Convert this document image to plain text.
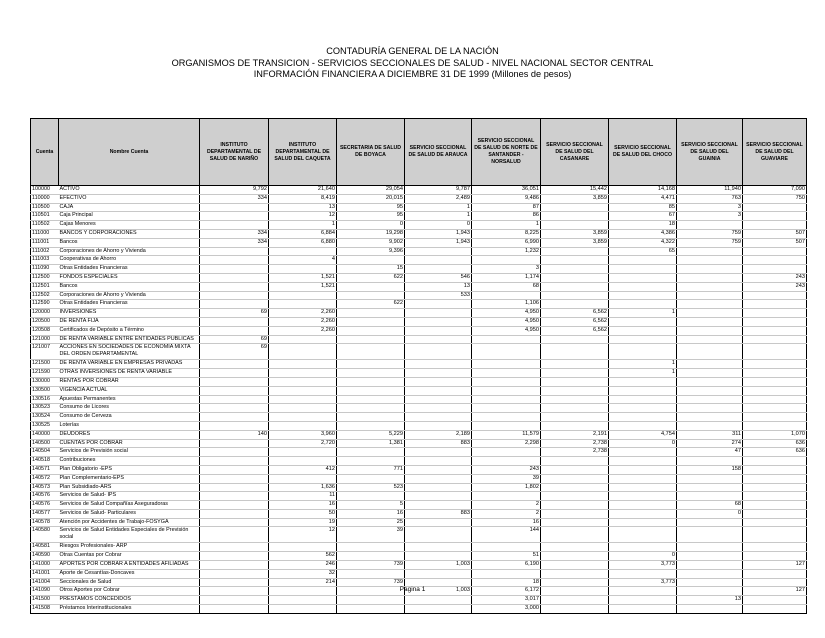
CONTADURÍA GENERAL DE LA NACIÓN
ORGANISMOS DE TRANSICION - SERVICIOS SECCIONALES DE SALUD - NIVEL NACIONAL SECTOR CENTRAL
INFORMACIÓN FINANCIERA A DICIEMBRE 31 DE 1999 (Millones de pesos)
Cuenta	Nombre Cuenta	INSTITUTO DEPARTAMENTAL DE SALUD DE NARIÑO	INSTITUTO DEPARTAMENTAL DE SALUD DEL CAQUETA	SECRETARIA DE SALUD DE BOYACA	SERVICIO SECCIONAL DE SALUD DE ARAUCA	SERVICIO SECCIONAL DE SALUD DE NORTE DE SANTANDER - NORSALUD	SERVICIO SECCIONAL DE SALUD DEL CASANARE	SERVICIO SECCIONAL DE SALUD DEL CHOCO	SERVICIO SECCIONAL DE SALUD DEL GUAINIA	SERVICIO SECCIONAL DE SALUD DEL GUAVIARE
100000	ACTIVO	9,792	21,640	29,054	9,787	36,051	15,442	14,168	11,940	7,090
110000	EFECTIVO	334	8,419	20,015	2,489	9,486	3,859	4,471	763	750
110500	CAJA		13	95	1	87		85	3	
110501	Caja Principal		12	95	1	86		67	3	
110502	Cajas Menores		1	0	0	1		18		
111000	BANCOS Y CORPORACIONES	334	6,884	19,298	1,943	8,225	3,859	4,386	759	507
111001	Bancos	334	6,880	9,902	1,943	6,990	3,859	4,322	759	507
111002	Corporaciones de Ahorro y Vivienda			9,396		1,232		65		
111003	Cooperativas de Ahorro		4							
111090	Otras Entidades Financieras			15		3				
112500	FONDOS ESPECIALES		1,521	622	546	1,174				243
112501	Bancos		1,521		13	68				243
112502	Corporaciones de Ahorro y Vivienda				533					
112590	Otras Entidades Financieras			622		1,106				
120000	INVERSIONES	69	2,260			4,950	6,562	1		
120500	DE RENTA FIJA		2,260			4,950	6,562			
120508	Certificados de Depósito a Término		2,260			4,950	6,562			
121000	DE RENTA VARIABLE ENTRE ENTIDADES PUBLICAS	69								
121007	ACCIONES EN SOCIEDADES DE ECONOMIA MIXTA DEL ORDEN DEPARTAMENTAL	69								
121500	DE RENTA VARIABLE EN EMPRESAS PRIVADAS							1		
121590	OTRAS INVERSIONES DE RENTA VARIABLE							1		
130000	RENTAS POR COBRAR									
130500	VIGENCIA ACTUAL									
130516	Apuestas Permanentes									
130523	Consumo de Licores									
130524	Consumo de Cerveza									
130525	Loterías									
140000	DEUDORES	140	3,960	5,229	2,189	11,579	2,191	4,754	311	1,070
140500	CUENTAS POR COBRAR		2,720	1,381	883	2,298	2,738	0	274	636
140504	Servicios de Previsión social						2,738		47	636
140518	Contribuciones									
140571	Plan Obligatorio -EPS		412	771		243			158	
140572	Plan Complementario-EPS					39				
140573	Plan Subsidiado-ARS		1,636	523		1,802				
140576	Servicios de Salud- IPS		11							
140576	Servicios de Salud Compañías Aseguradoras		16	5		2			68	
140577	Servicios de Salud- Particulares		50	16	883	2			0	
140578	Atención por Accidentes de Trabajo-FOSYGA		19	25		16				
140580	Servicios de Salud Entidades Especiales de Previsión social		12	39		144				
140581	Riesgos Profesionales- ARP									
140590	Otras Cuentas por Cobrar		562			51		0		
141000	APORTES POR COBRAR A ENTIDADES AFILIADAS		246	739	1,003	6,190		3,773		127
141001	Aporte de Cesantías-Doncaves		32							
141004	Seccionales de Salud		214	739		18		3,773		
141090	Otros Aportes por Cobrar				1,003	6,172				127
141500	PRESTAMOS CONCEDIDOS					3,017			13	
141508	Préstamos Interinstitucionales					3,000				
Pagina 1
